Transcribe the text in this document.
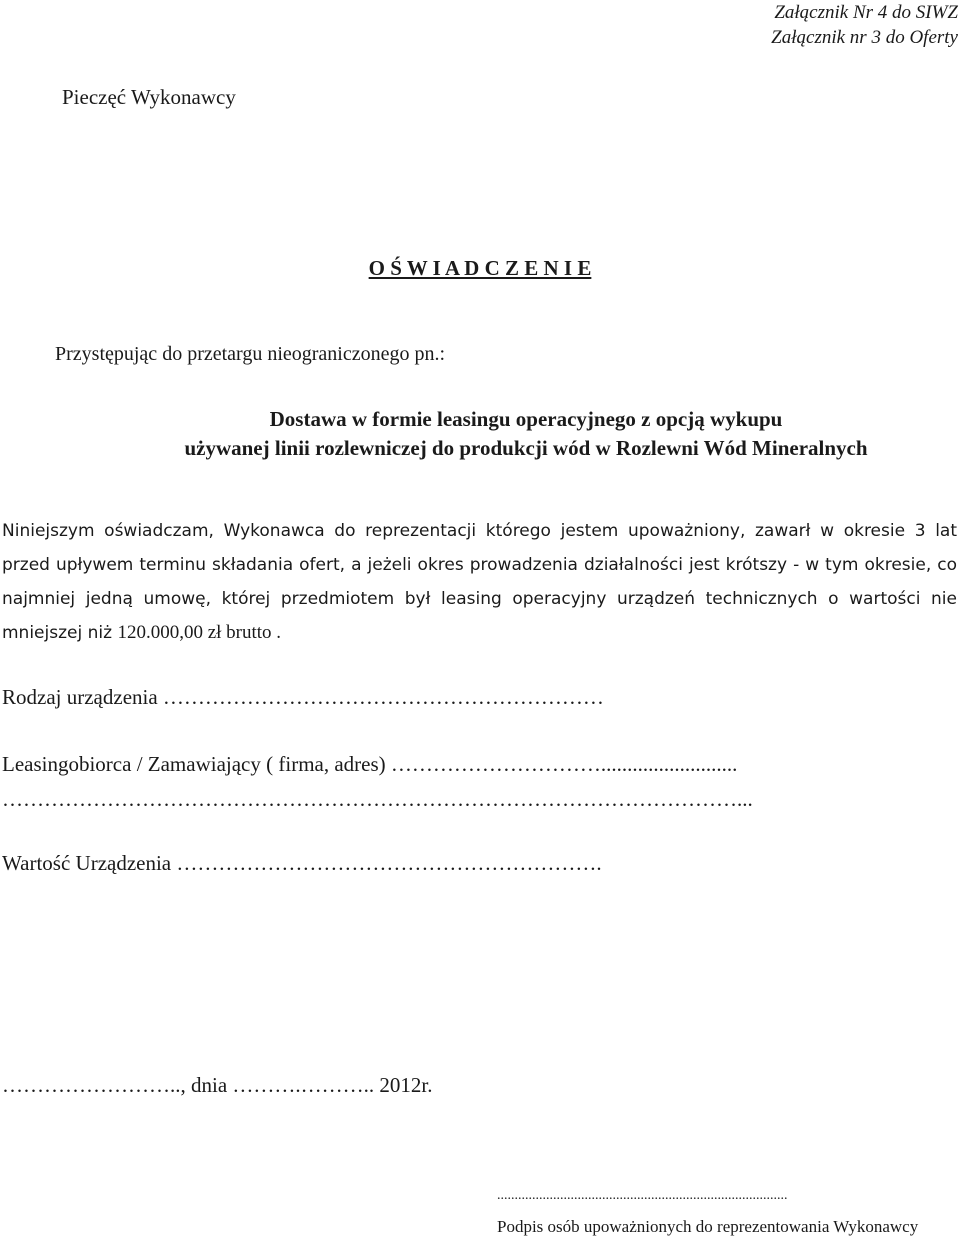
Załącznik Nr 4 do SIWZ
Załącznik nr 3 do Oferty
Pieczęć Wykonawcy
O Ś W I A D C Z E N I E
Przystępując do przetargu nieograniczonego pn.:
Dostawa w formie leasingu operacyjnego z opcją wykupu
używanej linii rozlewniczej do produkcji wód w Rozlewni Wód Mineralnych
Niniejszym oświadczam, Wykonawca do reprezentacji którego jestem upoważniony, zawarł w okresie 3 lat przed upływem terminu składania ofert, a jeżeli okres prowadzenia działalności jest krótszy - w tym okresie, co najmniej jedną umowę, której przedmiotem był leasing operacyjny urządzeń technicznych o wartości nie mniejszej niż 120.000,00 zł brutto .
Rodzaj urządzenia ………………………………………………………
Leasingobiorca / Zamawiający ( firma, adres) …………………………..........................
……………………………………………………………………………………………...
Wartość Urządzenia …………………………………………………….
…………………….., dnia ……….……….. 2012r.
...................................................................................
Podpis osób upoważnionych do reprezentowania Wykonawcy
